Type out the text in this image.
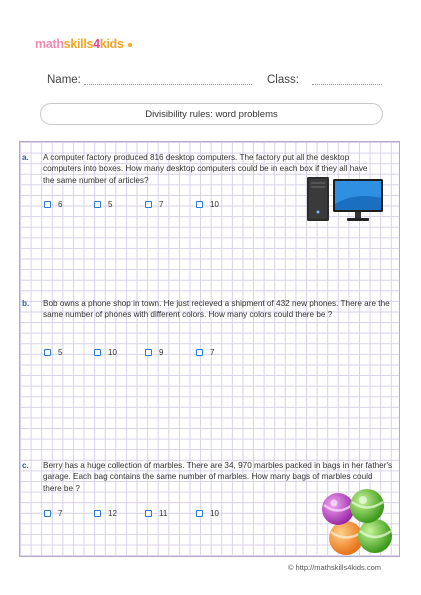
mathskills4kids
Name:	Class:
Divisibility rules: word problems
a. A computer factory produced 816 desktop computers. The factory put all the desktop computers into boxes. How many desktop computers could be in each box if they all have the same number of articles?
6	5	7	10
b. Bob owns a phone shop in town. He just recieved a shipment of 432 new phones. There are the same number of phones with different colors. How many colors could there be ?
5	10	9	7
c. Berry has a huge collection of marbles. There are 34, 970 marbles packed in bags in her father's garage. Each bag contains the same number of marbles. How many bags of marbles could there be ?
7	12	11	10
© http://mathskills4kids.com
